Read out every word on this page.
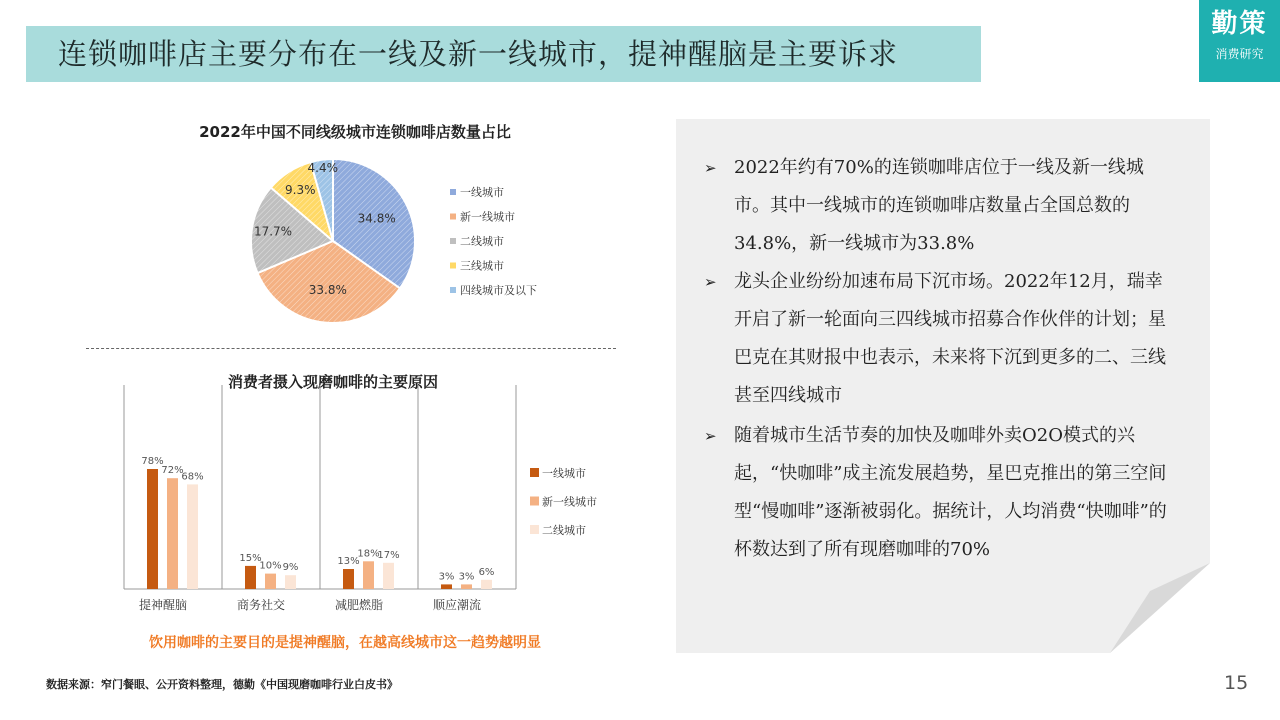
连锁咖啡店主要分布在一线及新一线城市，提神醒脑是主要诉求
勤策
消费研究
2022年中国不同线级城市连锁咖啡店数量占比
34.8%
33.8%
17.7%
9.3%
4.4%
一线城市
新一线城市
二线城市
三线城市
四线城市及以下
消费者摄入现磨咖啡的主要原因
78%
72%
68%
15%
10% 9%
13%
18%
17%
3% 3% 6%
提神醒脑	商务社交	减肥燃脂	顺应潮流
一线城市
新一线城市
二线城市
饮用咖啡的主要目的是提神醒脑，在越高线城市这一趋势越明显
数据来源：窄门餐眼、公开资料整理，德勤《中国现磨咖啡行业白皮书》	15
➢ 2022年约有70%的连锁咖啡店位于一线及新一线城市。其中一线城市的连锁咖啡店数量占全国总数的34.8%，新一线城市为33.8%
➢ 龙头企业纷纷加速布局下沉市场。2022年12月，瑞幸开启了新一轮面向三四线城市招募合作伙伴的计划；星巴克在其财报中也表示，未来将下沉到更多的二、三线甚至四线城市
➢ 随着城市生活节奏的加快及咖啡外卖O2O模式的兴起，“快咖啡”成主流发展趋势，星巴克推出的第三空间型“慢咖啡”逐渐被弱化。据统计，人均消费“快咖啡”的杯数达到了所有现磨咖啡的70%
